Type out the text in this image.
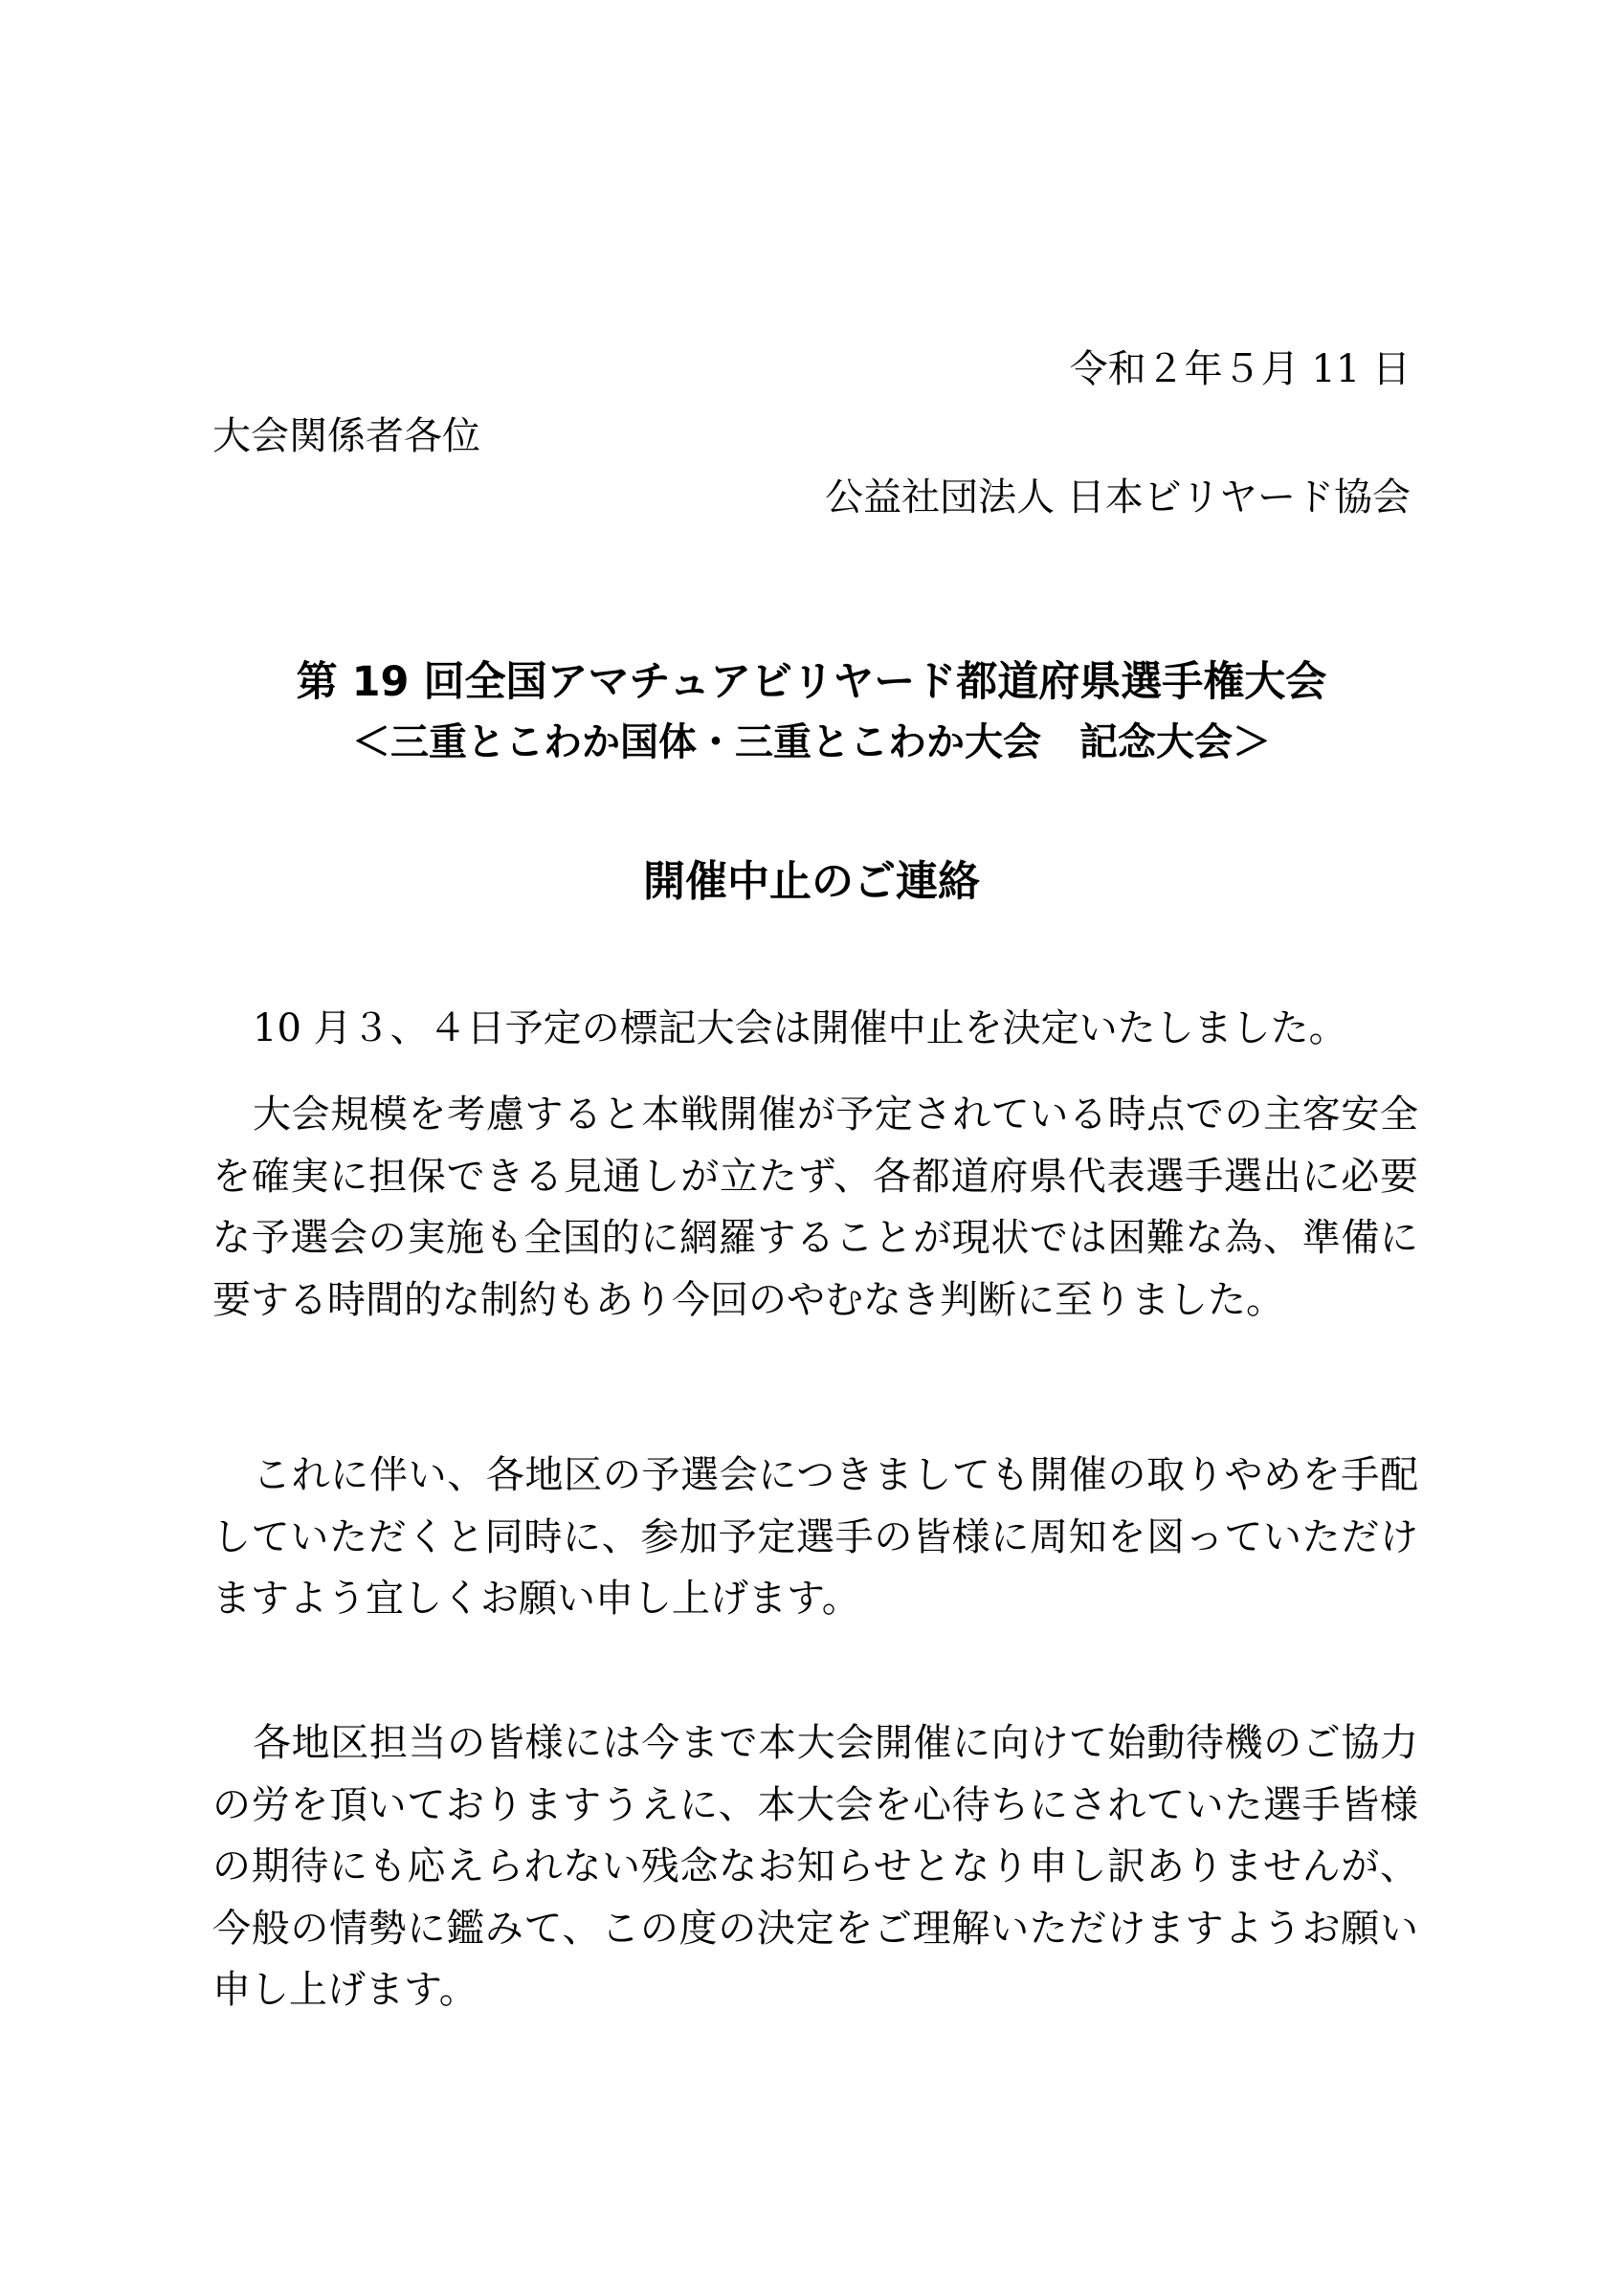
令和２年５月 11 日
大会関係者各位
公益社団法人 日本ビリヤード協会
第 19 回全国アマチュアビリヤード都道府県選手権大会
＜三重とこわか国体・三重とこわか大会　記念大会＞
開催中止のご連絡

10 月３、４日予定の標記大会は開催中止を決定いたしました。

大会規模を考慮すると本戦開催が予定されている時点での主客安全を確実に担保できる見通しが立たず、各都道府県代表選手選出に必要な予選会の実施も全国的に網羅することが現状では困難な為、準備に要する時間的な制約もあり今回のやむなき判断に至りました。

これに伴い、各地区の予選会につきましても開催の取りやめを手配していただくと同時に、参加予定選手の皆様に周知を図っていただけますよう宜しくお願い申し上げます。

各地区担当の皆様には今まで本大会開催に向けて始動待機のご協力の労を頂いておりますうえに、本大会を心待ちにされていた選手皆様の期待にも応えられない残念なお知らせとなり申し訳ありませんが、今般の情勢に鑑みて、この度の決定をご理解いただけますようお願い申し上げます。
